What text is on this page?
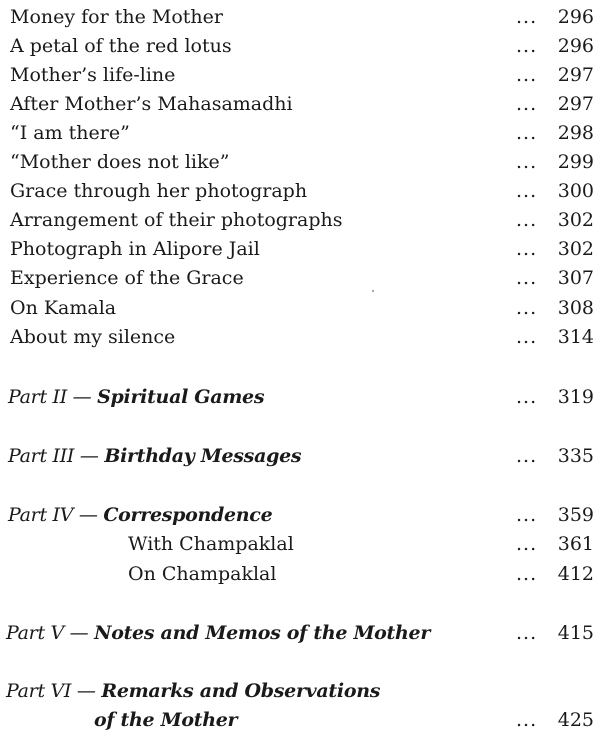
Money for the Mother	... 296
A petal of the red lotus	... 296
Mother’s life-line	... 297
After Mother’s Mahasamadhi	... 297
“I am there”	... 298
“Mother does not like”	... 299
Grace through her photograph	... 300
Arrangement of their photographs	... 302
Photograph in Alipore Jail	... 302
Experience of the Grace	... 307
On Kamala	... 308
About my silence	... 314
Part II — Spiritual Games	... 319
Part III — Birthday Messages	... 335
Part IV — Correspondence	... 359
With Champaklal	... 361
On Champaklal	... 412
Part V — Notes and Memos of the Mother	... 415
Part VI — Remarks and Observations
of the Mother	... 425
